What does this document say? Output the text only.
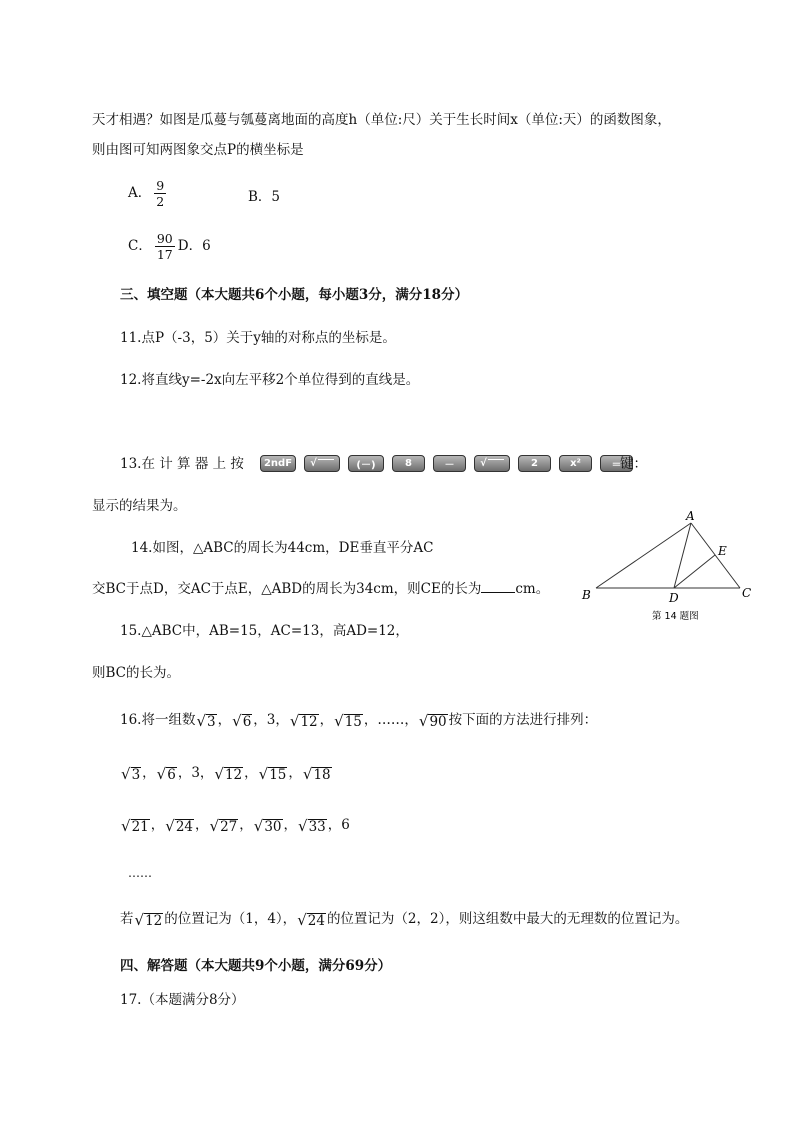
天才相遇？如图是瓜蔓与瓠蔓离地面的高度h（单位:尺）关于生长时间x（单位:天）的函数图象，
则由图可知两图象交点P的横坐标是
A． $\frac{9}{2}$	B．5
C． $\frac{90}{17}$ D．6
三、填空题（本大题共6个小题，每小题3分，满分18分）
11.点P（-3，5）关于y轴的对称点的坐标是。
12.将直线y=-2x向左平移2个单位得到的直线是。
13.在 计 算 器 上 按	2ndF	√	(－)	8	－	√	2	x²	＝
键：
显示的结果为。
14.如图，△ABC的周长为44cm，DE垂直平分AC
交BC于点D，交AC于点E，△ABD的周长为34cm，则CE的长为	cm。
A
B	C
D
E
第 14 题图
15.△ABC中，AB=15，AC=13，高AD=12，
则BC的长为。
16.将一组数 √ 3 ， √ 6 ，3， √ 12 ， √ 15 ，……， √ 90 按下面的方法进行排列：
√ 3 ， √ 6 ，3， √ 12 ， √ 15 ， √ 18
√ 21 ， √ 24 ， √ 27 ， √ 30 ， √ 33 ，6
……
若 √ 12 的位置记为（1，4）， √ 24 的位置记为（2，2），则这组数中最大的无理数的位置记为。
四、解答题（本大题共9个小题，满分69分）
17.（本题满分8分）
